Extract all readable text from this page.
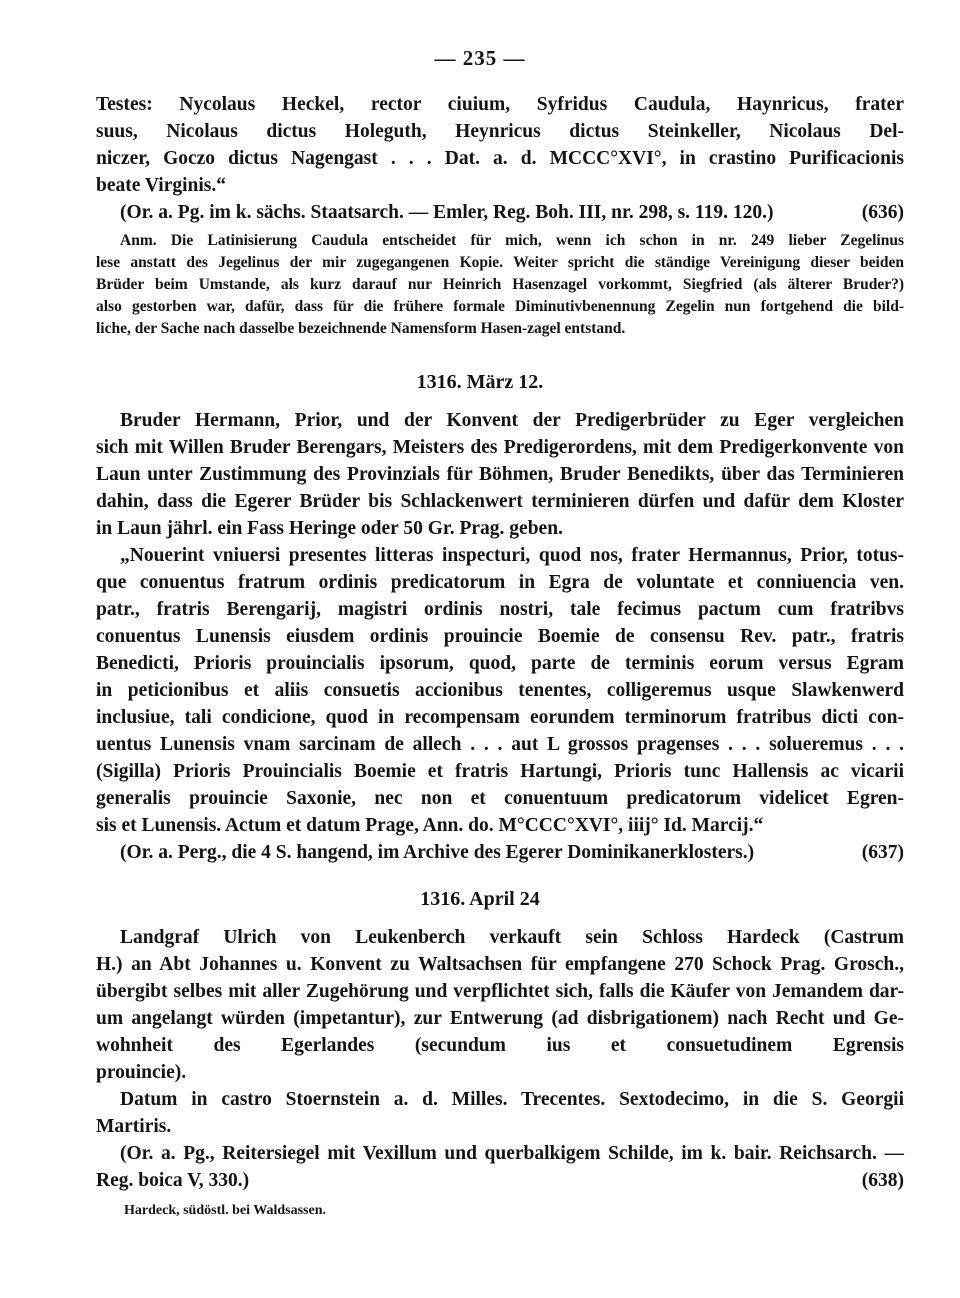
— 235 —
Testes: Nycolaus Heckel, rector ciuium, Syfridus Caudula, Haynricus, frater
suus, Nicolaus dictus Holeguth, Heynricus dictus Steinkeller, Nicolaus Del-
niczer, Goczo dictus Nagengast . . . Dat. a. d. MCCC°XVI°, in crastino Purificacionis
beate Virginis.“
(Or. a. Pg. im k. sächs. Staatsarch. — Emler, Reg. Boh. III, nr. 298, s. 119. 120.)	(636)
Anm. Die Latinisierung Caudula entscheidet für mich, wenn ich schon in nr. 249 lieber Zegelinus
lese anstatt des Jegelinus der mir zugegangenen Kopie. Weiter spricht die ständige Vereinigung dieser beiden
Brüder beim Umstande, als kurz darauf nur Heinrich Hasenzagel vorkommt, Siegfried (als älterer Bruder?)
also gestorben war, dafür, dass für die frühere formale Diminutivbenennung Zegelin nun fortgehend die bild-
liche, der Sache nach dasselbe bezeichnende Namensform Hasen-zagel entstand.
1316. März 12.
Bruder Hermann, Prior, und der Konvent der Predigerbrüder zu Eger vergleichen
sich mit Willen Bruder Berengars, Meisters des Predigerordens, mit dem Predigerkonvente von
Laun unter Zustimmung des Provinzials für Böhmen, Bruder Benedikts, über das Terminieren
dahin, dass die Egerer Brüder bis Schlackenwert terminieren dürfen und dafür dem Kloster
in Laun jährl. ein Fass Heringe oder 50 Gr. Prag. geben.
„Nouerint vniuersi presentes litteras inspecturi, quod nos, frater Hermannus, Prior, totus-
que conuentus fratrum ordinis predicatorum in Egra de voluntate et conniuencia ven.
patr., fratris Berengarij, magistri ordinis nostri, tale fecimus pactum cum fratribvs
conuentus Lunensis eiusdem ordinis prouincie Boemie de consensu Rev. patr., fratris
Benedicti, Prioris prouincialis ipsorum, quod, parte de terminis eorum versus Egram
in peticionibus et aliis consuetis accionibus tenentes, colligeremus usque Slawkenwerd
inclusiue, tali condicione, quod in recompensam eorundem terminorum fratribus dicti con-
uentus Lunensis vnam sarcinam de allech . . . aut L grossos pragenses . . . solueremus . . .
(Sigilla) Prioris Prouincialis Boemie et fratris Hartungi, Prioris tunc Hallensis ac vicarii
generalis prouincie Saxonie, nec non et conuentuum predicatorum videlicet Egren-
sis et Lunensis. Actum et datum Prage, Ann. do. M°CCC°XVI°, iiij° Id. Marcij.“
(Or. a. Perg., die 4 S. hangend, im Archive des Egerer Dominikanerklosters.)	(637)
1316. April 24
Landgraf Ulrich von Leukenberch verkauft sein Schloss Hardeck (Castrum
H.) an Abt Johannes u. Konvent zu Waltsachsen für empfangene 270 Schock Prag. Grosch.,
übergibt selbes mit aller Zugehörung und verpflichtet sich, falls die Käufer von Jemandem dar-
um angelangt würden (impetantur), zur Entwerung (ad disbrigationem) nach Recht und Ge-
wohnheit des Egerlandes (secundum ius et consuetudinem Egrensis
prouincie).
Datum in castro Stoernstein a. d. Milles. Trecentes. Sextodecimo, in die S. Georgii
Martiris.
(Or. a. Pg., Reitersiegel mit Vexillum und querbalkigem Schilde, im k. bair. Reichsarch. —
Reg. boica V, 330.)	(638)
Hardeck, südöstl. bei Waldsassen.
